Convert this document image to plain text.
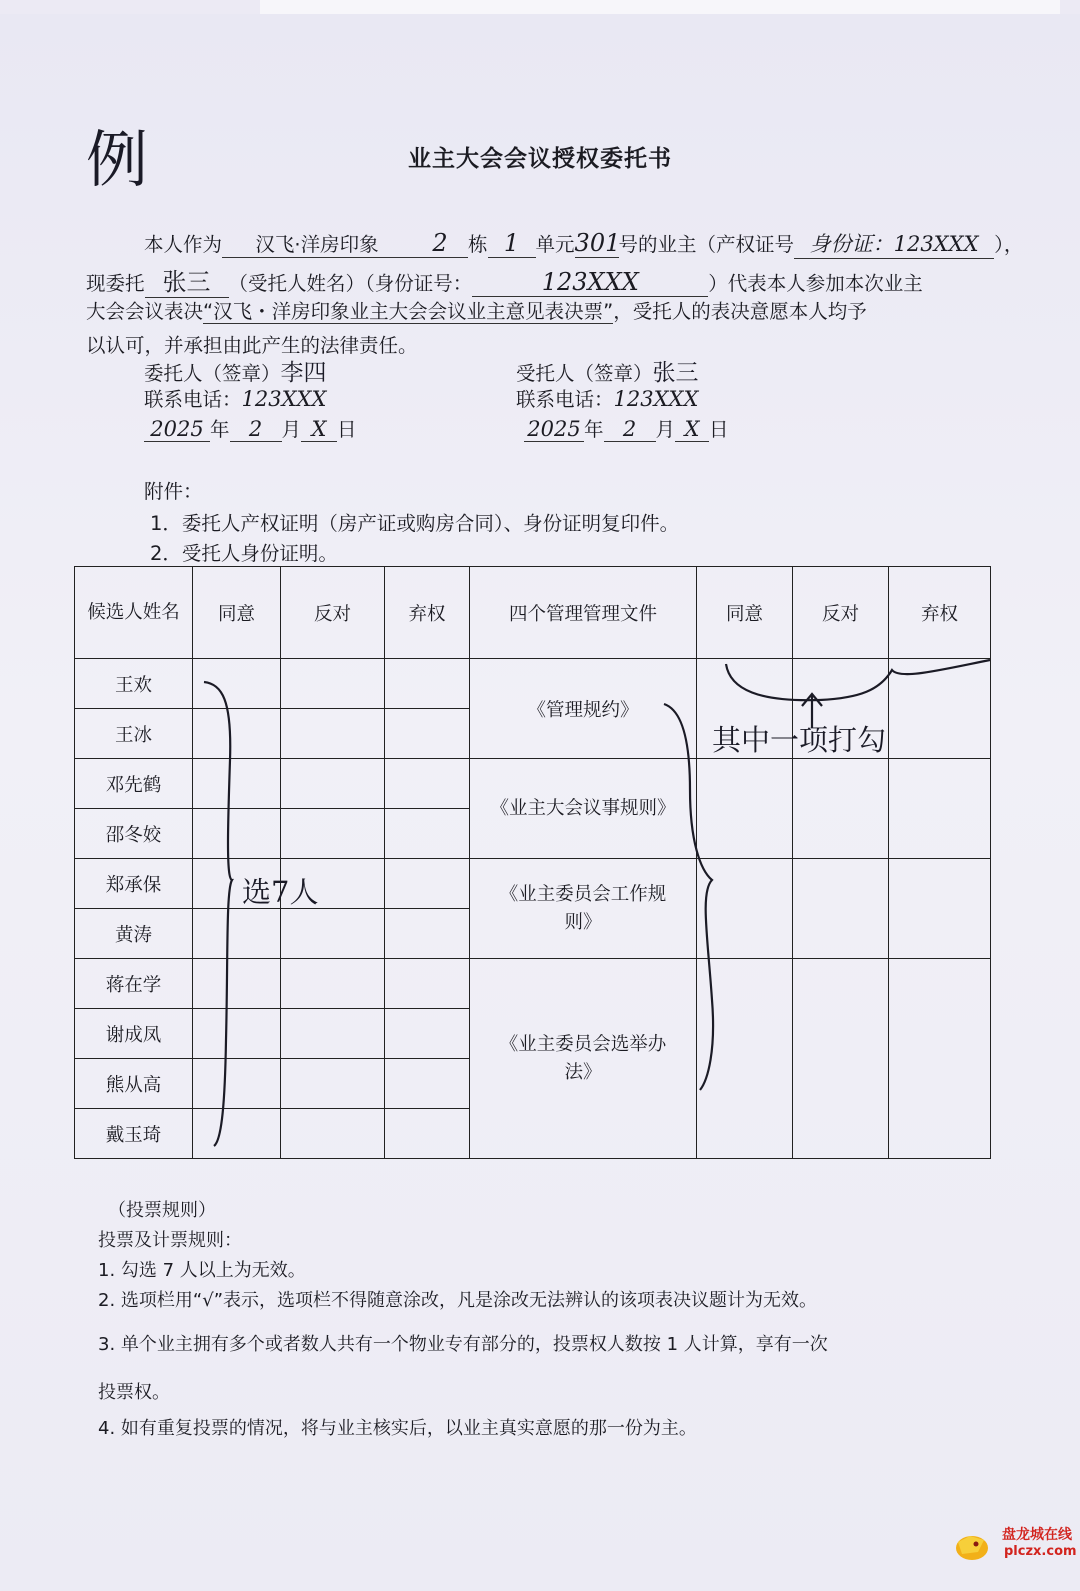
例	业主大会会议授权委托书
本人作为 汉飞·洋房印象 2 栋 1 单元301号的业主（产权证号 身份证：123XXX ），
现委托 张三 （受托人姓名）（身份证号：	123XXX	）代表本人参加本次业主
大会会议表决“汉飞・洋房印象业主大会会议业主意见表决票”，受托人的表决意愿本人均予
以认可，并承担由此产生的法律责任。
委托人（签章）李四
联系电话：123XXX
2025 年 2 月 X 日
受托人（签章）张三
联系电话：123XXX
2025 年 2 月 X 日
附件：
1．委托人产权证明（房产证或购房合同）、身份证明复印件。
2．受托人身份证明。
候选人姓名	同意	反对	弃权	四个管理管理文件	同意	反对	弃权
王欢				《管理规约》			
王冰							
邓先鹤				《业主大会议事规则》			
邵冬姣							
郑承保				《业主委员会工作规则》			
黄涛							
蒋在学				《业主委员会选举办法》			
谢成凤							
熊从高							
戴玉琦							
选7人
其中一项打勾
（投票规则）
投票及计票规则：
1. 勾选 7 人以上为无效。
2. 选项栏用“√”表示，选项栏不得随意涂改，凡是涂改无法辨认的该项表决议题计为无效。
3. 单个业主拥有多个或者数人共有一个物业专有部分的，投票权人数按 1 人计算，享有一次
投票权。
4. 如有重复投票的情况，将与业主核实后，以业主真实意愿的那一份为主。
盘龙城在线
plczx.com
